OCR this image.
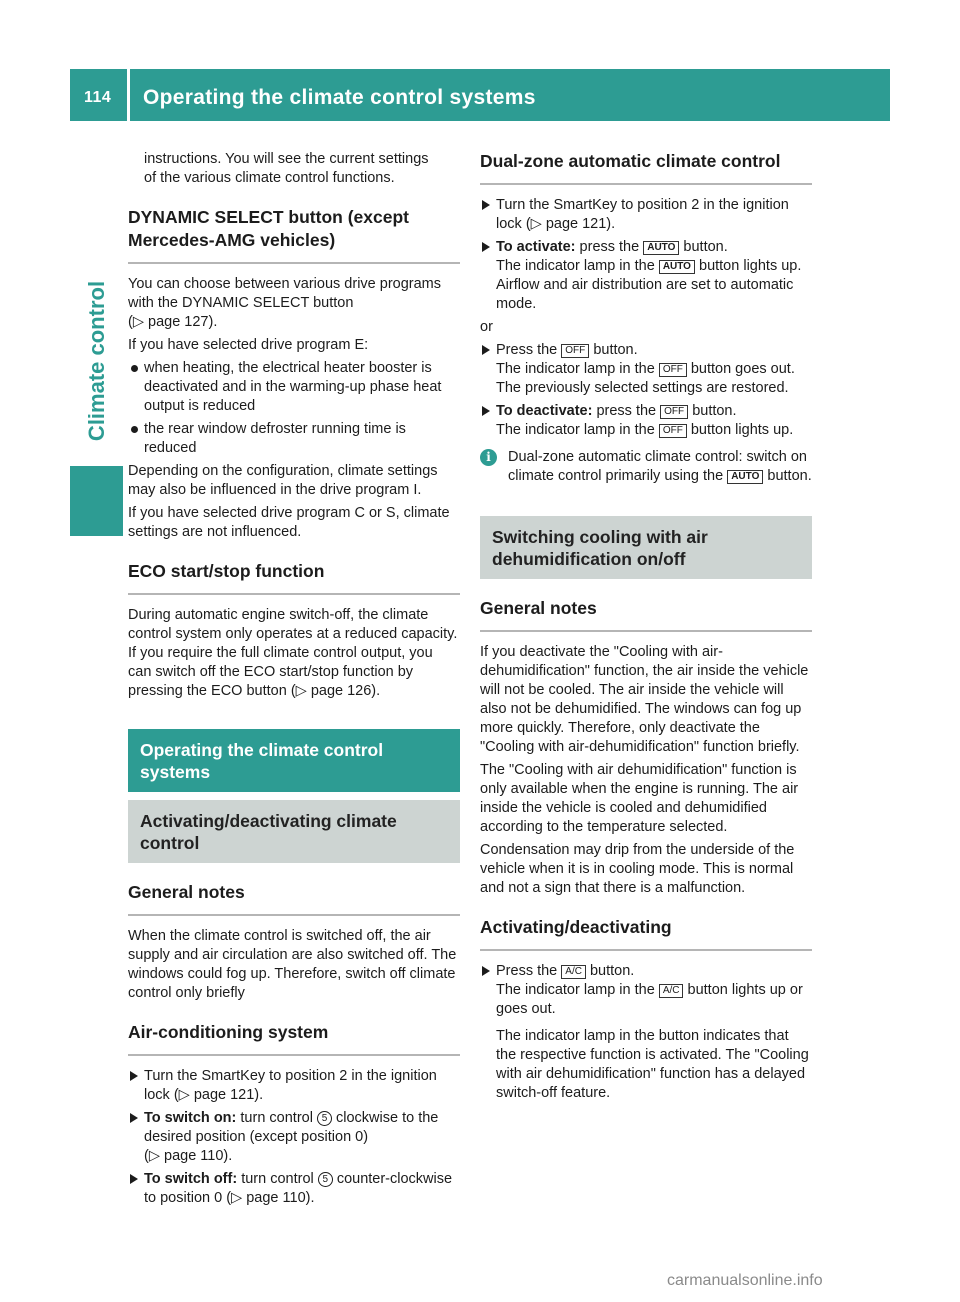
114 Operating the climate control systems
Climate control

instructions. You will see the current settings

of the various climate control functions.

DYNAMIC SELECT button (except Mercedes-AMG vehicles)

You can choose between various drive programs with the DYNAMIC SELECT button

(▷ page 127).

If you have selected drive program E:

when heating, the electrical heater booster is deactivated and in the warming-up phase heat output is reduced
the rear window defroster running time is reduced

Depending on the configuration, climate settings may also be influenced in the drive program I.

If you have selected drive program C or S, climate settings are not influenced.

ECO start/stop function

During automatic engine switch-off, the climate control system only operates at a reduced capacity. If you require the full climate control output, you can switch off the ECO start/stop function by pressing the ECO button (▷ page 126).

Operating the climate control systems
Activating/deactivating climate control
General notes

When the climate control is switched off, the air supply and air circulation are also switched off. The windows could fog up. Therefore, switch off climate control only briefly

Air-conditioning system
Turn the SmartKey to position 2 in the ignition lock (▷ page 121).
To switch on: turn control 5 clockwise to the desired position (except position 0)
(▷ page 110).
To switch off: turn control 5 counter-clockwise to position 0 (▷ page 110).
Dual-zone automatic climate control
Turn the SmartKey to position 2 in the ignition lock (▷ page 121).
To activate: press the AUTO button.
The indicator lamp in the AUTO button lights up. Airflow and air distribution are set to automatic mode.

or

Press the OFF button.
The indicator lamp in the OFF button goes out. The previously selected settings are restored.
To deactivate: press the OFF button.
The indicator lamp in the OFF button lights up.
i	Dual-zone automatic climate control: switch on climate control primarily using the AUTO button.
Switching cooling with air dehumidification on/off
General notes

If you deactivate the "Cooling with air-dehumidification" function, the air inside the vehicle will not be cooled. The air inside the vehicle will also not be dehumidified. The windows can fog up more quickly. Therefore, only deactivate the "Cooling with air-dehumidification" function briefly.

The "Cooling with air dehumidification" function is only available when the engine is running. The air inside the vehicle is cooled and dehumidified according to the temperature selected.

Condensation may drip from the underside of the vehicle when it is in cooling mode. This is normal and not a sign that there is a malfunction.

Activating/deactivating
Press the A/C button.
The indicator lamp in the A/C button lights up or goes out.

The indicator lamp in the button indicates that the respective function is activated. The "Cooling with air dehumidification" function has a delayed switch-off feature.

carmanualsonline.info
